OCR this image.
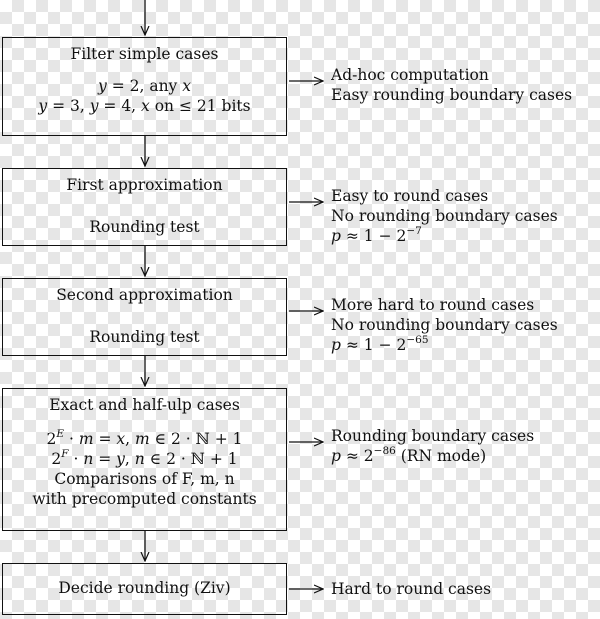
Filter simple cases
y = 2, any x
y = 3, y = 4, x on ≤ 21 bits
Ad-hoc computation
Easy rounding boundary cases
First approximation
Rounding test
Easy to round cases
No rounding boundary cases
$p \approx 1 - 2^{-7}$
Second approximation
Rounding test
More hard to round cases
No rounding boundary cases
$p \approx 1 - 2^{-65}$
Exact and half-ulp cases
$2^E \cdot m = x$, m ∈ 2 · ℕ + 1
$2^F \cdot n = y$, n ∈ 2 · ℕ + 1
Comparisons of F, m, n
with precomputed constants
Rounding boundary cases
$p \approx 2^{-86}$ (RN mode)
Decide rounding (Ziv)	Hard to round cases
